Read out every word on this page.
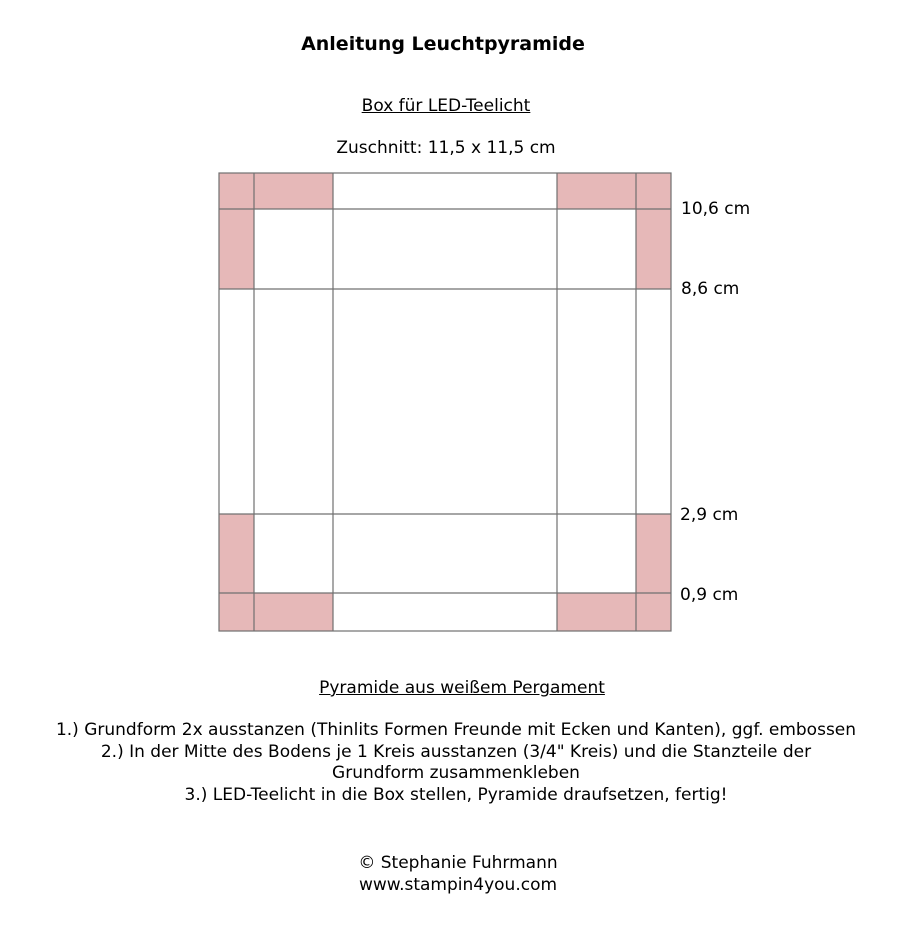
Anleitung Leuchtpyramide
Box für LED-Teelicht
Zuschnitt: 11,5 x 11,5 cm
10,6 cm
8,6 cm
2,9 cm
0,9 cm
Pyramide aus weißem Pergament
1.) Grundform 2x ausstanzen (Thinlits Formen Freunde mit Ecken und Kanten), ggf. embossen
2.) In der Mitte des Bodens je 1 Kreis ausstanzen (3/4" Kreis) und die Stanzteile der Grundform zusammenkleben
3.) LED-Teelicht in die Box stellen, Pyramide draufsetzen, fertig!
© Stephanie Fuhrmann
www.stampin4you.com
